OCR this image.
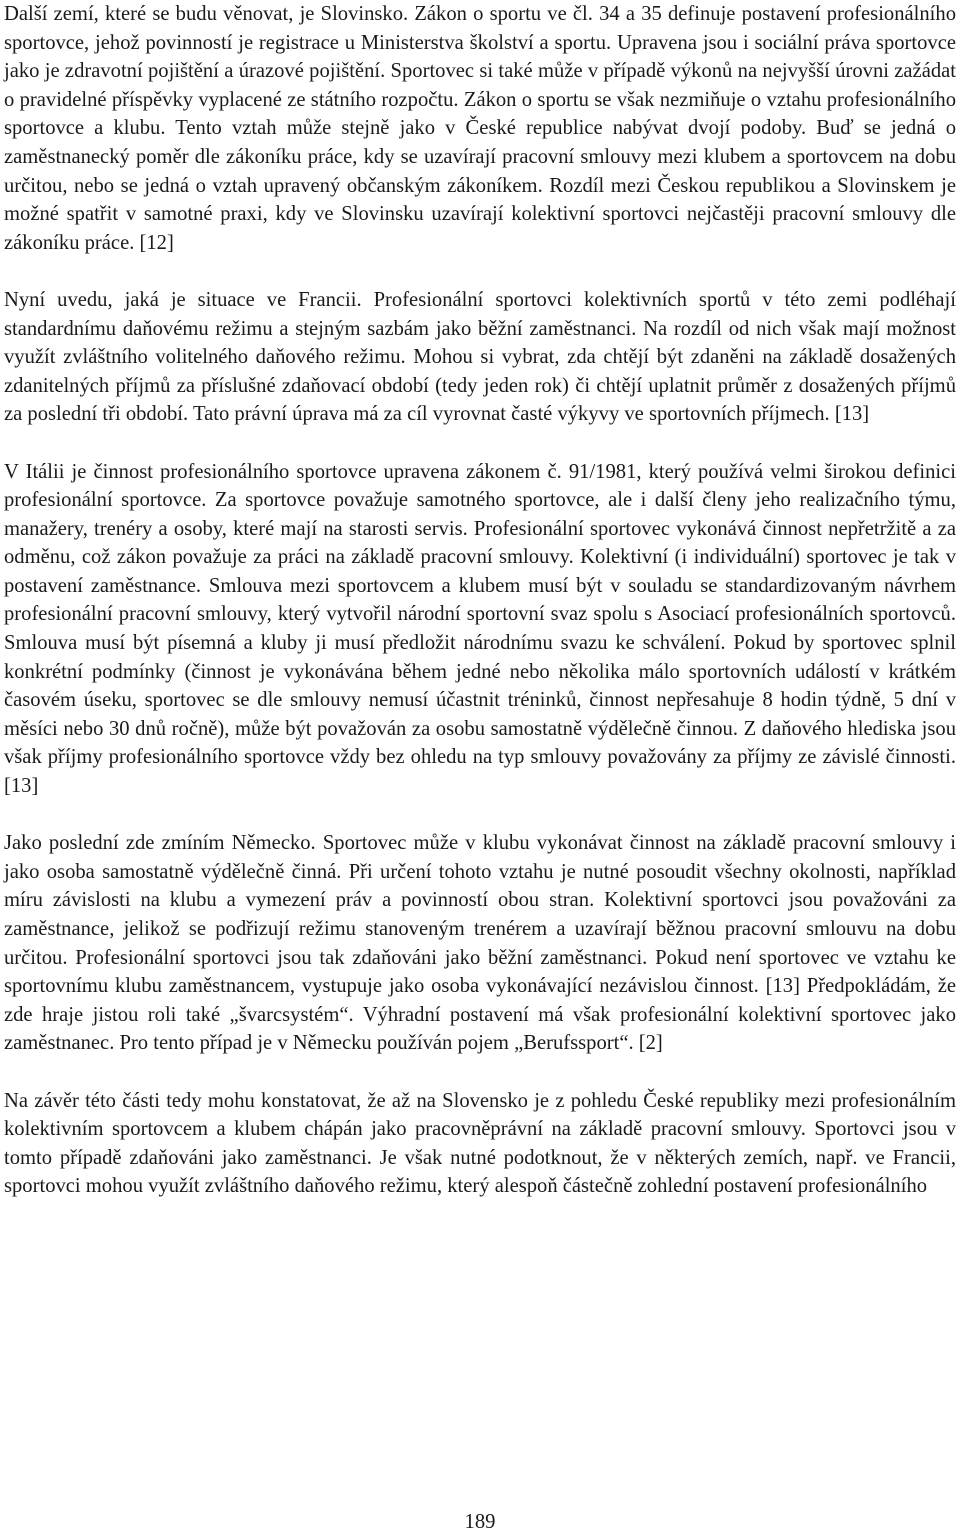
Další zemí, které se budu věnovat, je Slovinsko. Zákon o sportu ve čl. 34 a 35 definuje postavení profesionálního sportovce, jehož povinností je registrace u Ministerstva školství a sportu. Upravena jsou i sociální práva sportovce jako je zdravotní pojištění a úrazové pojištění. Sportovec si také může v případě výkonů na nejvyšší úrovni zažádat o pravidelné příspěvky vyplacené ze státního rozpočtu. Zákon o sportu se však nezmiňuje o vztahu profesionálního sportovce a klubu. Tento vztah může stejně jako v České republice nabývat dvojí podoby. Buď se jedná o zaměstnanecký poměr dle zákoníku práce, kdy se uzavírají pracovní smlouvy mezi klubem a sportovcem na dobu určitou, nebo se jedná o vztah upravený občanským zákoníkem. Rozdíl mezi Českou republikou a Slovinskem je možné spatřit v samotné praxi, kdy ve Slovinsku uzavírají kolektivní sportovci nejčastěji pracovní smlouvy dle zákoníku práce. [12]

Nyní uvedu, jaká je situace ve Francii. Profesionální sportovci kolektivních sportů v této zemi podléhají standardnímu daňovému režimu a stejným sazbám jako běžní zaměstnanci. Na rozdíl od nich však mají možnost využít zvláštního volitelného daňového režimu. Mohou si vybrat, zda chtějí být zdaněni na základě dosažených zdanitelných příjmů za příslušné zdaňovací období (tedy jeden rok) či chtějí uplatnit průměr z dosažených příjmů za poslední tři období. Tato právní úprava má za cíl vyrovnat časté výkyvy ve sportovních příjmech. [13]

V Itálii je činnost profesionálního sportovce upravena zákonem č. 91/1981, který používá velmi širokou definici profesionální sportovce. Za sportovce považuje samotného sportovce, ale i další členy jeho realizačního týmu, manažery, trenéry a osoby, které mají na starosti servis. Profesionální sportovec vykonává činnost nepřetržitě a za odměnu, což zákon považuje za práci na základě pracovní smlouvy. Kolektivní (i individuální) sportovec je tak v postavení zaměstnance. Smlouva mezi sportovcem a klubem musí být v souladu se standardizovaným návrhem profesionální pracovní smlouvy, který vytvořil národní sportovní svaz spolu s Asociací profesionálních sportovců. Smlouva musí být písemná a kluby ji musí předložit národnímu svazu ke schválení. Pokud by sportovec splnil konkrétní podmínky (činnost je vykonávána během jedné nebo několika málo sportovních událostí v krátkém časovém úseku, sportovec se dle smlouvy nemusí účastnit tréninků, činnost nepřesahuje 8 hodin týdně, 5 dní v měsíci nebo 30 dnů ročně), může být považován za osobu samostatně výdělečně činnou. Z daňového hlediska jsou však příjmy profesionálního sportovce vždy bez ohledu na typ smlouvy považovány za příjmy ze závislé činnosti. [13]

Jako poslední zde zmíním Německo. Sportovec může v klubu vykonávat činnost na základě pracovní smlouvy i jako osoba samostatně výdělečně činná. Při určení tohoto vztahu je nutné posoudit všechny okolnosti, například míru závislosti na klubu a vymezení práv a povinností obou stran. Kolektivní sportovci jsou považováni za zaměstnance, jelikož se podřizují režimu stanoveným trenérem a uzavírají běžnou pracovní smlouvu na dobu určitou. Profesionální sportovci jsou tak zdaňováni jako běžní zaměstnanci. Pokud není sportovec ve vztahu ke sportovnímu klubu zaměstnancem, vystupuje jako osoba vykonávající nezávislou činnost. [13] Předpokládám, že zde hraje jistou roli také „švarcsystém“. Výhradní postavení má však profesionální kolektivní sportovec jako zaměstnanec. Pro tento případ je v Německu používán pojem „Berufssport“. [2]

Na závěr této části tedy mohu konstatovat, že až na Slovensko je z pohledu České republiky mezi profesionálním kolektivním sportovcem a klubem chápán jako pracovněprávní na základě pracovní smlouvy. Sportovci jsou v tomto případě zdaňováni jako zaměstnanci. Je však nutné podotknout, že v některých zemích, např. ve Francii, sportovci mohou využít zvláštního daňového režimu, který alespoň částečně zohlední postavení profesionálního

189
